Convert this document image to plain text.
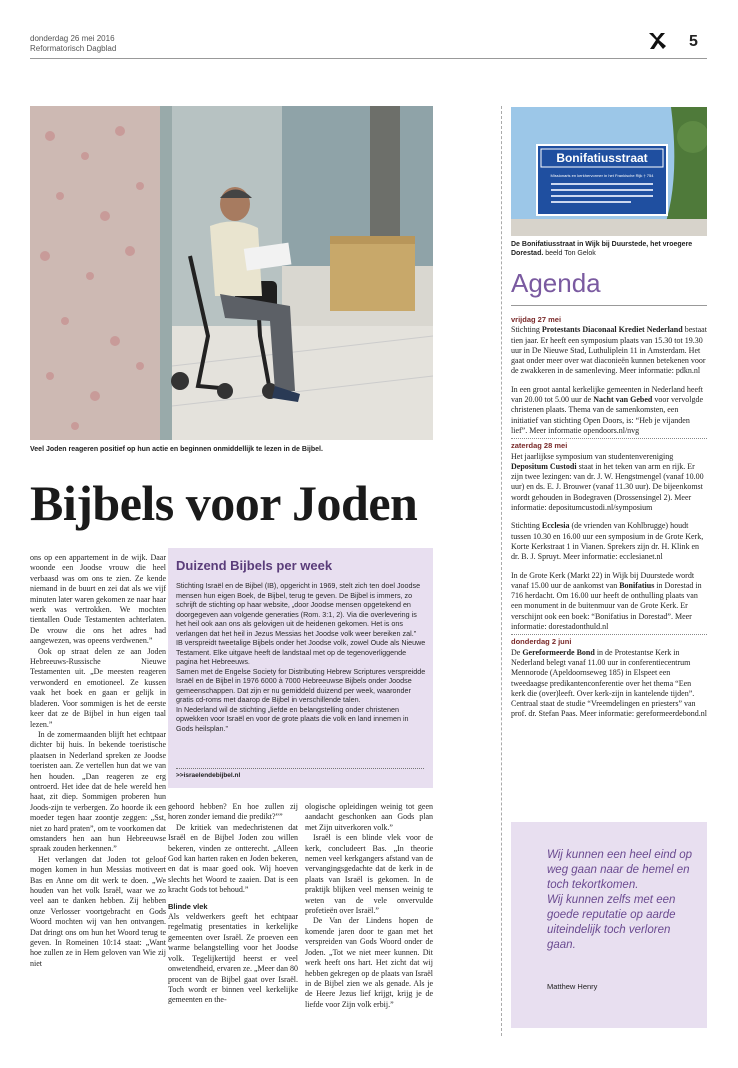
donderdag 26 mei 2016
Reformatorisch Dagblad	5
Veel Joden reageren positief op hun actie en beginnen onmiddellijk te lezen in de Bijbel.
Bijbels voor Joden

ons op een appartement in de wijk. Daar woonde een Joodse vrouw die heel verbaasd was om ons te zien. Ze kende niemand in de buurt en zei dat als we vijf minuten later waren gekomen ze naar haar werk was vertrokken. We mochten tientallen Oude Testamenten achterlaten. De vrouw die ons het adres had aangewezen, was opeens verdwenen.”

Ook op straat delen ze aan Joden Hebreeuws-Russische Nieuwe Testamenten uit. „De meesten reageren verwonderd en emotioneel. Ze kussen vaak het boek en gaan er gelijk in bladeren. Voor sommigen is het de eerste keer dat ze de Bijbel in hun eigen taal lezen.”

In de zomermaanden blijft het echtpaar dichter bij huis. In bekende toeristische plaatsen in Nederland spreken ze Joodse toeristen aan. Ze vertellen hun dat we van hen houden. „Dan reageren ze erg ontroerd. Het idee dat de hele wereld hen haat, zit diep. Sommigen proberen hun Joods-zijn te verbergen. Zo hoorde ik een moeder tegen haar zoontje zeggen: „Sst, niet zo hard praten”, om te voorkomen dat omstanders hen aan hun Hebreeuwse spraak zouden herkennen.”

Het verlangen dat Joden tot geloof mogen komen in hun Messias motiveert Bas en Anne om dit werk te doen. „We houden van het volk Israël, waar we zo veel aan te danken hebben. Zij hebben onze Verlosser voortgebracht en Gods Woord mochten wij van hen ontvangen. Dat dringt ons om hun het Woord terug te geven. In Romeinen 10:14 staat: „Want hoe zullen ze in Hem geloven van Wie zij niet

Duizend Bijbels per week

Stichting Israël en de Bijbel (IB), opgericht in 1969, stelt zich ten doel Joodse mensen hun eigen Boek, de Bijbel, terug te geven. De Bijbel is immers, zo schrijft de stichting op haar website, „door Joodse mensen opgetekend en doorgegeven aan volgende generaties (Rom. 3:1, 2). Via die overlevering is het heil ook aan ons als gelovigen uit de heidenen gekomen. Het is ons verlangen dat het heil in Jezus Messias het Joodse volk weer bereiken zal.”

IB verspreidt tweetalige Bijbels onder het Joodse volk, zowel Oude als Nieuwe Testament. Elke uitgave heeft de landstaal met op de tegenoverliggende pagina het Hebreeuws.

Samen met de Engelse Society for Distributing Hebrew Scriptures verspreidde Israël en de Bijbel in 1976 6000 à 7000 Hebreeuwse Bijbels onder Joodse gemeenschappen. Dat zijn er nu gemiddeld duizend per week, waaronder gratis cd-roms met daarop de Bijbel in verschillende talen.

In Nederland wil de stichting „liefde en belangstelling onder christenen opwekken voor Israël en voor de grote plaats die volk en land innemen in Gods heilsplan.”

>>israelendebijbel.nl

gehoord hebben? En hoe zullen zij horen zonder iemand die predikt?””

De kritiek van medechristenen dat Israël en de Bijbel Joden zou willen bekeren, vinden ze ontterecht. „Alleen God kan harten raken en Joden bekeren, en dat is maar goed ook. Wij hoeven slechts het Woord te zaaien. Dat is een kracht Gods tot behoud.”

Blinde vlek

Als veldwerkers geeft het echtpaar regelmatig presentaties in kerkelijke gemeenten over Israël. Ze proeven een warme belangstelling voor het Joodse volk. Tegelijkertijd heerst er veel onwetendheid, ervaren ze. „Meer dan 80 procent van de Bijbel gaat over Israël. Toch wordt er binnen veel kerkelijke gemeenten en the-

ologische opleidingen weinig tot geen aandacht geschonken aan Gods plan met Zijn uitverkoren volk.”

Israël is een blinde vlek voor de kerk, concludeert Bas. „In theorie nemen veel kerkgangers afstand van de vervangingsgedachte dat de kerk in de plaats van Israël is gekomen. In de praktijk blijken veel mensen weinig te weten van de vele onvervulde profetieën over Israël.”

De Van der Lindens hopen de komende jaren door te gaan met het verspreiden van Gods Woord onder de Joden. „Tot we niet meer kunnen. Dit werk heeft ons hart. Het zicht dat wij hebben gekregen op de plaats van Israël in de Bijbel zien we als genade. Als je de Heere Jezus lief krijgt, krijg je de liefde voor Zijn volk erbij.”

Bonifatiusstraat
Missionaris en kerkhervormer in het Frankische Rijk † 754
De Bonifatiusstraat in Wijk bij Duurstede, het vroegere Dorestad. beeld Ton Gelok
Agenda
vrijdag 27 mei

Stichting Protestants Diaconaal Krediet Nederland bestaat tien jaar. Er heeft een symposium plaats van 15.30 tot 19.30 uur in De Nieuwe Stad, Luthuliplein 11 in Amsterdam. Het gaat onder meer over wat diaconieën kunnen betekenen voor de zwakkeren in de samenleving. Meer informatie: pdkn.nl

In een groot aantal kerkelijke gemeenten in Nederland heeft van 20.00 tot 5.00 uur de Nacht van Gebed voor vervolgde christenen plaats. Thema van de samenkomsten, een initiatief van stichting Open Doors, is: “Heb je vijanden lief”. Meer informatie opendoors.nl/nvg

zaterdag 28 mei

Het jaarlijkse symposium van studentenvereniging Depositum Custodi staat in het teken van arm en rijk. Er zijn twee lezingen: van dr. J. W. Hengstmengel (vanaf 10.00 uur) en ds. E. J. Brouwer (vanaf 11.30 uur). De bijeenkomst wordt gehouden in Bodegraven (Drossensingel 2). Meer informatie: depositumcustodi.nl/symposium

Stichting Ecclesia (de vrienden van Kohlbrugge) houdt tussen 10.30 en 16.00 uur een symposium in de Grote Kerk, Korte Kerkstraat 1 in Vianen. Sprekers zijn dr. H. Klink en dr. B. J. Spruyt. Meer informatie: ecclesianet.nl

In de Grote Kerk (Markt 22) in Wijk bij Duurstede wordt vanaf 15.00 uur de aankomst van Bonifatius in Dorestad in 716 herdacht. Om 16.00 uur heeft de onthulling plaats van een monument in de buitenmuur van de Grote Kerk. Er verschijnt ook een boek: “Bonifatius in Dorestad”. Meer informatie: dorestadonthuld.nl

donderdag 2 juni

De Gereformeerde Bond in de Protestantse Kerk in Nederland belegt vanaf 11.00 uur in conferentiecentrum Mennorode (Apeldoornseweg 185) in Elspeet een tweedaagse predikantenconferentie over het thema “Een kerk die (over)leeft. Over kerk-zijn in kantelende tijden”. Centraal staat de studie “Vreemdelingen en priesters” van prof. dr. Stefan Paas. Meer informatie: gereformeerdebond.nl

Wij kunnen een heel eind op weg gaan naar de hemel en toch tekortkomen.

Wij kunnen zelfs met een goede reputatie op aarde uiteindelijk toch verloren gaan.

Matthew Henry
